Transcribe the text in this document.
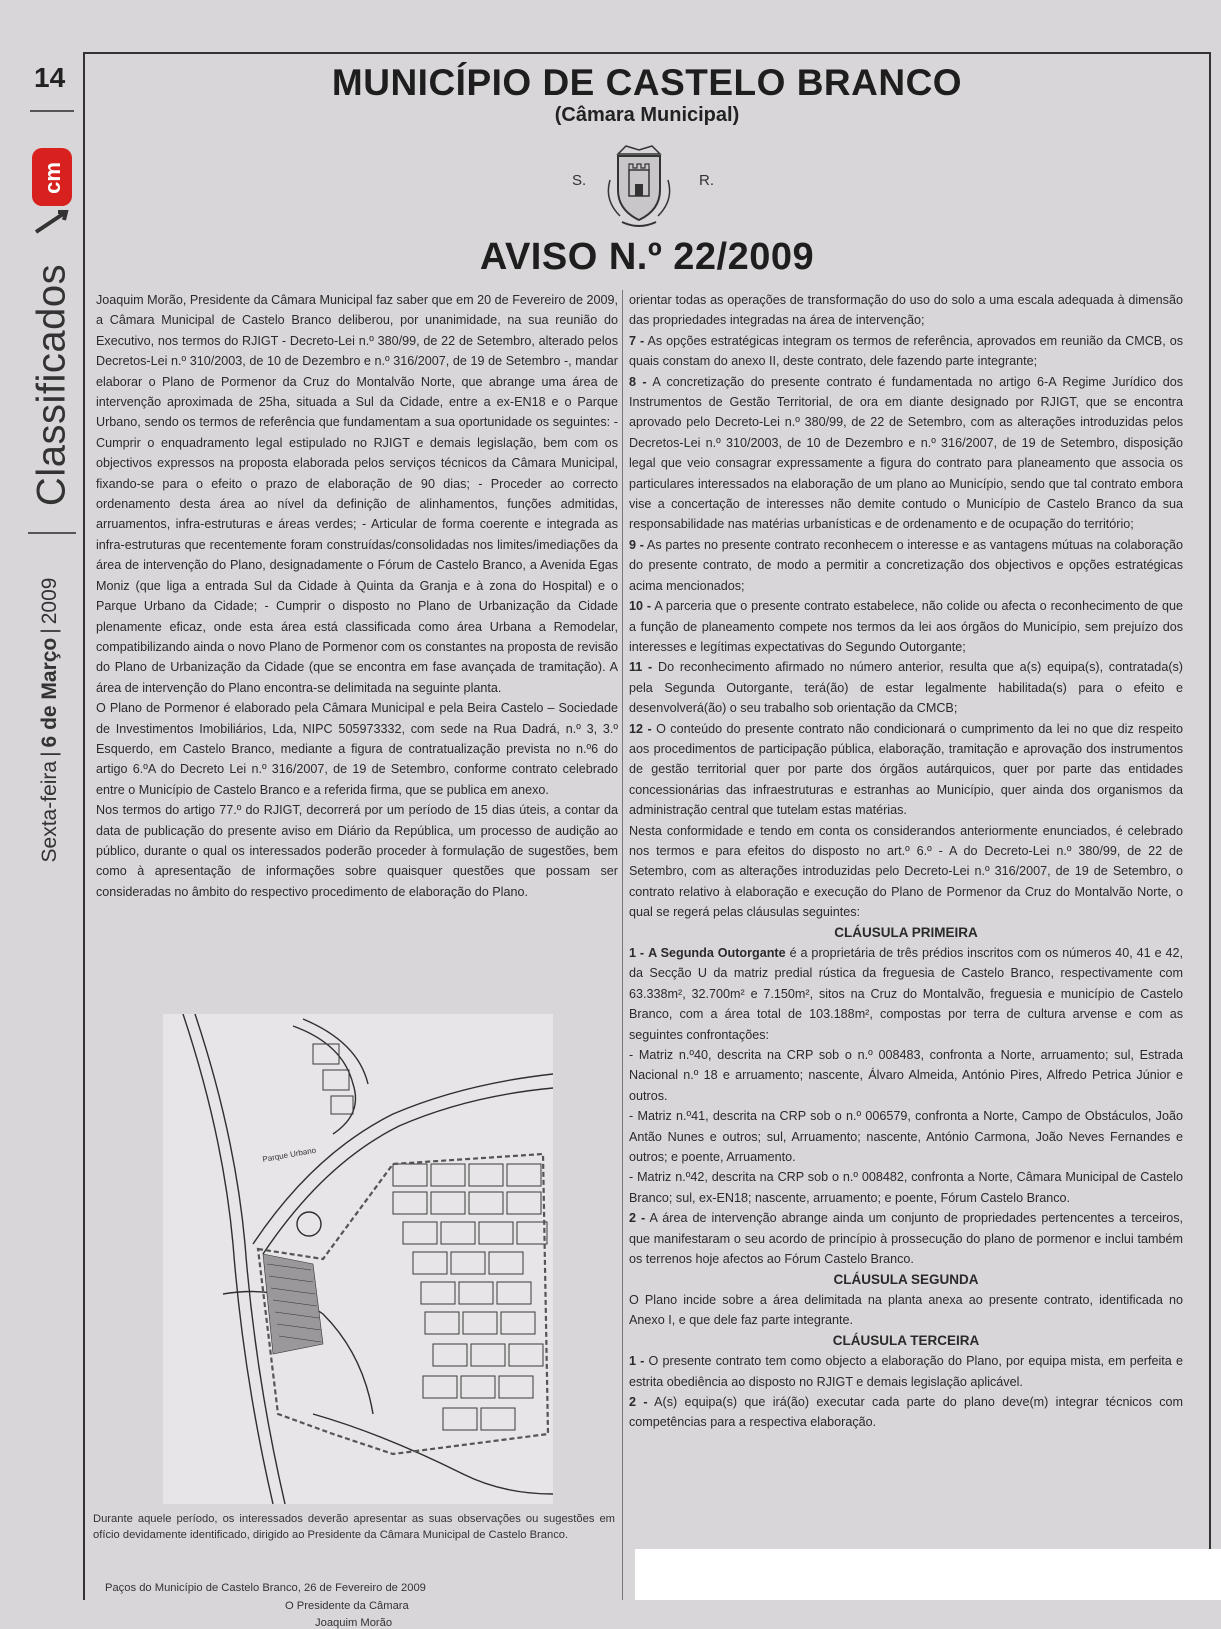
14
cm
Classificados
Sexta-feira|6 de Março|2009
MUNICÍPIO DE CASTELO BRANCO
(Câmara Municipal)
S.	R.
AVISO N.º 22/2009

Joaquim Morão, Presidente da Câmara Municipal faz saber que em 20 de Fevereiro de 2009, a Câmara Municipal de Castelo Branco deliberou, por unanimidade, na sua reunião do Executivo, nos termos do RJIGT - Decreto-Lei n.º 380/99, de 22 de Setembro, alterado pelos Decretos-Lei n.º 310/2003, de 10 de Dezembro e n.º 316/2007, de 19 de Setembro -, mandar elaborar o Plano de Pormenor da Cruz do Montalvão Norte, que abrange uma área de intervenção aproximada de 25ha, situada a Sul da Cidade, entre a ex-EN18 e o Parque Urbano, sendo os termos de referência que fundamentam a sua oportunidade os seguintes: - Cumprir o enquadramento legal estipulado no RJIGT e demais legislação, bem com os objectivos expressos na proposta elaborada pelos serviços técnicos da Câmara Municipal, fixando-se para o efeito o prazo de elaboração de 90 dias; - Proceder ao correcto ordenamento desta área ao nível da definição de alinhamentos, funções admitidas, arruamentos, infra-estruturas e áreas verdes; - Articular de forma coerente e integrada as infra-estruturas que recentemente foram construídas/consolidadas nos limites/imediações da área de intervenção do Plano, designadamente o Fórum de Castelo Branco, a Avenida Egas Moniz (que liga a entrada Sul da Cidade à Quinta da Granja e à zona do Hospital) e o Parque Urbano da Cidade; - Cumprir o disposto no Plano de Urbanização da Cidade plenamente eficaz, onde esta área está classificada como área Urbana a Remodelar, compatibilizando ainda o novo Plano de Pormenor com os constantes na proposta de revisão do Plano de Urbanização da Cidade (que se encontra em fase avançada de tramitação). A área de intervenção do Plano encontra-se delimitada na seguinte planta.

O Plano de Pormenor é elaborado pela Câmara Municipal e pela Beira Castelo – Sociedade de Investimentos Imobiliários, Lda, NIPC 505973332, com sede na Rua Dadrá, n.º 3, 3.º Esquerdo, em Castelo Branco, mediante a figura de contratualização prevista no n.º6 do artigo 6.ºA do Decreto Lei n.º 316/2007, de 19 de Setembro, conforme contrato celebrado entre o Município de Castelo Branco e a referida firma, que se publica em anexo.

Nos termos do artigo 77.º do RJIGT, decorrerá por um período de 15 dias úteis, a contar da data de publicação do presente aviso em Diário da República, um processo de audição ao público, durante o qual os interessados poderão proceder à formulação de sugestões, bem como à apresentação de informações sobre quaisquer questões que possam ser consideradas no âmbito do respectivo procedimento de elaboração do Plano.

Parque Urbano

Durante aquele período, os interessados deverão apresentar as suas observações ou sugestões em ofício devidamente identificado, dirigido ao Presidente da Câmara Municipal de Castelo Branco.

Paços do Município de Castelo Branco, 26 de Fevereiro de 2009
O Presidente da Câmara
Joaquim Morão

orientar todas as operações de transformação do uso do solo a uma escala adequada à dimensão das propriedades integradas na área de intervenção;

7 - As opções estratégicas integram os termos de referência, aprovados em reunião da CMCB, os quais constam do anexo II, deste contrato, dele fazendo parte integrante;

8 - A concretização do presente contrato é fundamentada no artigo 6-A Regime Jurídico dos Instrumentos de Gestão Territorial, de ora em diante designado por RJIGT, que se encontra aprovado pelo Decreto-Lei n.º 380/99, de 22 de Setembro, com as alterações introduzidas pelos Decretos-Lei n.º 310/2003, de 10 de Dezembro e n.º 316/2007, de 19 de Setembro, disposição legal que veio consagrar expressamente a figura do contrato para planeamento que associa os particulares interessados na elaboração de um plano ao Município, sendo que tal contrato embora vise a concertação de interesses não demite contudo o Município de Castelo Branco da sua responsabilidade nas matérias urbanísticas e de ordenamento e de ocupação do território;

9 - As partes no presente contrato reconhecem o interesse e as vantagens mútuas na colaboração do presente contrato, de modo a permitir a concretização dos objectivos e opções estratégicas acima mencionados;

10 - A parceria que o presente contrato estabelece, não colide ou afecta o reconhecimento de que a função de planeamento compete nos termos da lei aos órgãos do Município, sem prejuízo dos interesses e legítimas expectativas do Segundo Outorgante;

11 - Do reconhecimento afirmado no número anterior, resulta que a(s) equipa(s), contratada(s) pela Segunda Outorgante, terá(ão) de estar legalmente habilitada(s) para o efeito e desenvolverá(ão) o seu trabalho sob orientação da CMCB;

12 - O conteúdo do presente contrato não condicionará o cumprimento da lei no que diz respeito aos procedimentos de participação pública, elaboração, tramitação e aprovação dos instrumentos de gestão territorial quer por parte dos órgãos autárquicos, quer por parte das entidades concessionárias das infraestruturas e estranhas ao Município, quer ainda dos organismos da administração central que tutelam estas matérias.

Nesta conformidade e tendo em conta os considerandos anteriormente enunciados, é celebrado nos termos e para efeitos do disposto no art.º 6.º - A do Decreto-Lei n.º 380/99, de 22 de Setembro, com as alterações introduzidas pelo Decreto-Lei n.º 316/2007, de 19 de Setembro, o contrato relativo à elaboração e execução do Plano de Pormenor da Cruz do Montalvão Norte, o qual se regerá pelas cláusulas seguintes:

CLÁUSULA PRIMEIRA

1 - A Segunda Outorgante é a proprietária de três prédios inscritos com os números 40, 41 e 42, da Secção U da matriz predial rústica da freguesia de Castelo Branco, respectivamente com 63.338m², 32.700m² e 7.150m², sitos na Cruz do Montalvão, freguesia e município de Castelo Branco, com a área total de 103.188m², compostas por terra de cultura arvense e com as seguintes confrontações:

- Matriz n.º40, descrita na CRP sob o n.º 008483, confronta a Norte, arruamento; sul, Estrada Nacional n.º 18 e arruamento; nascente, Álvaro Almeida, António Pires, Alfredo Petrica Júnior e outros.

- Matriz n.º41, descrita na CRP sob o n.º 006579, confronta a Norte, Campo de Obstáculos, João Antão Nunes e outros; sul, Arruamento; nascente, António Carmona, João Neves Fernandes e outros; e poente, Arruamento.

- Matriz n.º42, descrita na CRP sob o n.º 008482, confronta a Norte, Câmara Municipal de Castelo Branco; sul, ex-EN18; nascente, arruamento; e poente, Fórum Castelo Branco.

2 - A área de intervenção abrange ainda um conjunto de propriedades pertencentes a terceiros, que manifestaram o seu acordo de princípio à prossecução do plano de pormenor e inclui também os terrenos hoje afectos ao Fórum Castelo Branco.

CLÁUSULA SEGUNDA

O Plano incide sobre a área delimitada na planta anexa ao presente contrato, identificada no Anexo I, e que dele faz parte integrante.

CLÁUSULA TERCEIRA

1 - O presente contrato tem como objecto a elaboração do Plano, por equipa mista, em perfeita e estrita obediência ao disposto no RJIGT e demais legislação aplicável.

2 - A(s) equipa(s) que irá(ão) executar cada parte do plano deve(m) integrar técnicos com competências para a respectiva elaboração.
